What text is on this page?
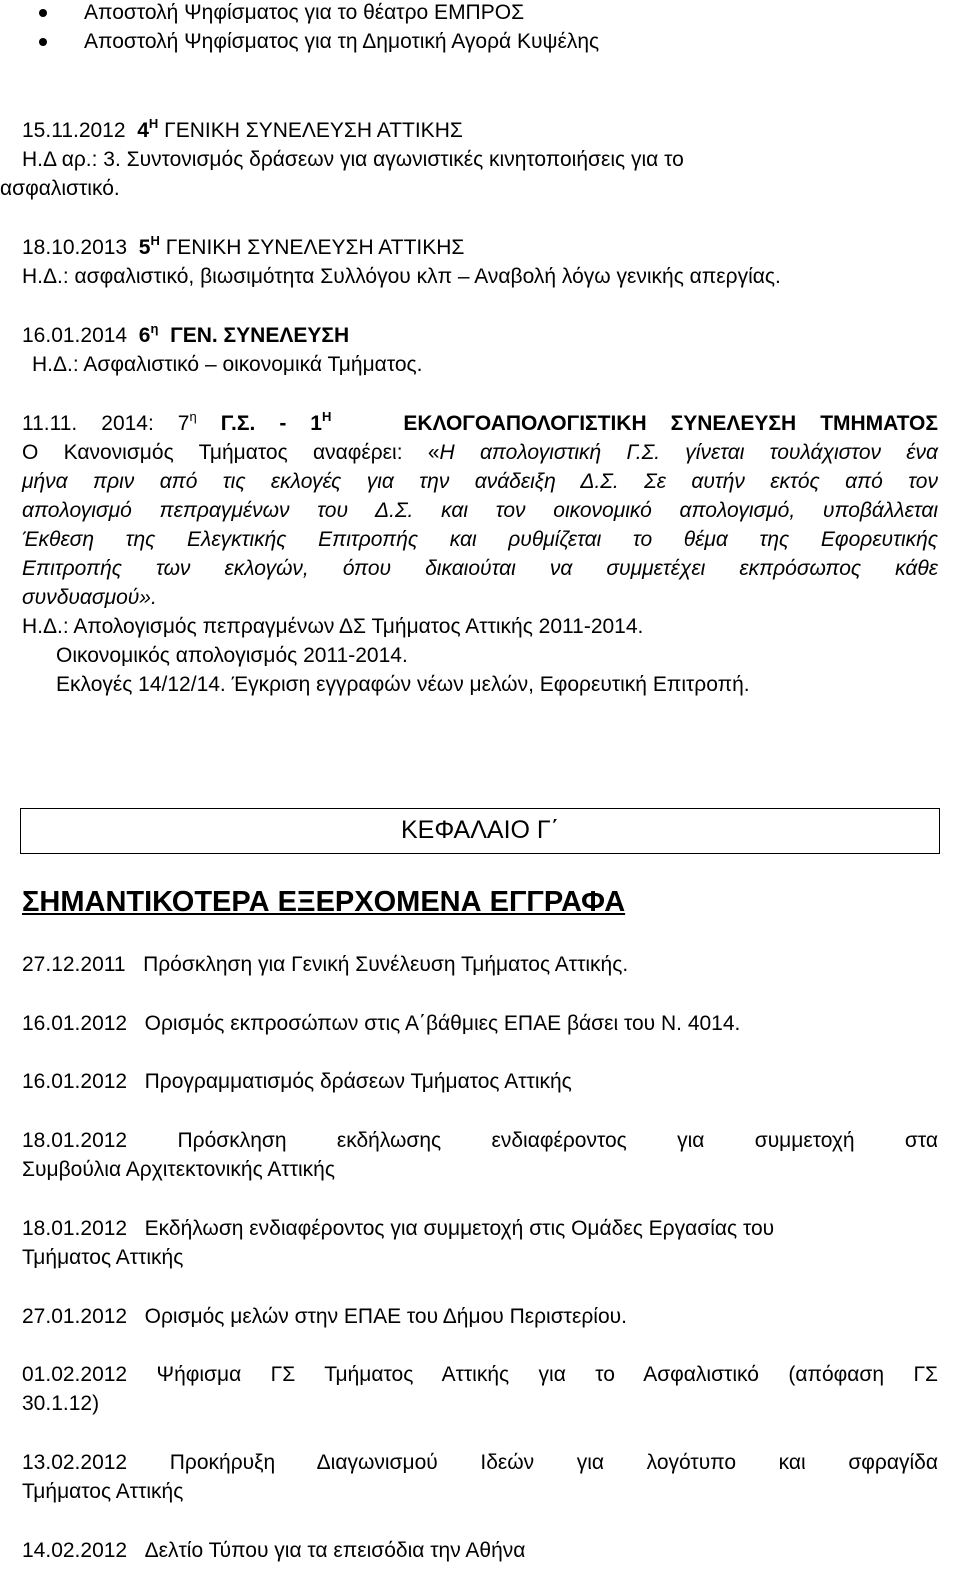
Αποστολή Ψηφίσματος για το θέατρο ΕΜΠΡΟΣ
Αποστολή Ψηφίσματος για τη Δημοτική Αγορά Κυψέλης
15.11.2012 $4^H$ ΓΕΝΙΚΗ ΣΥΝΕΛΕΥΣΗ ΑΤΤΙΚΗΣ
Η.Δ αρ.: 3. Συντονισμός δράσεων για αγωνιστικές κινητοποιήσεις για το
ασφαλιστικό.
18.10.2013 $5^H$ ΓΕΝΙΚΗ ΣΥΝΕΛΕΥΣΗ ΑΤΤΙΚΗΣ
Η.Δ.: ασφαλιστικό, βιωσιμότητα Συλλόγου κλπ – Αναβολή λόγω γενικής απεργίας.
16.01.2014 $6^\eta$ ΓΕΝ. ΣΥΝΕΛΕΥΣΗ
Η.Δ.: Ασφαλιστικό – οικονομικά Τμήματος.
11.11. 2014: $7^\eta$ Γ.Σ. - $1^H$	ΕΚΛΟΓΟΑΠΟΛΟΓΙΣΤΙΚΗ ΣΥΝΕΛΕΥΣΗ ΤΜΗΜΑΤΟΣ
Ο Κανονισμός Τμήματος αναφέρει: «Η απολογιστική Γ.Σ. γίνεται τουλάχιστον ένα
μήνα πριν από τις εκλογές για την ανάδειξη Δ.Σ. Σε αυτήν εκτός από τον
απολογισμό πεπραγμένων του Δ.Σ. και τον οικονομικό απολογισμό, υποβάλλεται
Έκθεση της Ελεγκτικής Επιτροπής και ρυθμίζεται το θέμα της Εφορευτικής
Επιτροπής των εκλογών, όπου δικαιούται να συμμετέχει εκπρόσωπος κάθε
συνδυασμού».
Η.Δ.: Απολογισμός πεπραγμένων ΔΣ Τμήματος Αττικής 2011-2014.
Οικονομικός απολογισμός 2011-2014.
Εκλογές 14/12/14. Έγκριση εγγραφών νέων μελών, Εφορευτική Επιτροπή.
ΚΕΦΑΛΑΙΟ Γ΄
ΣΗΜΑΝΤΙΚΟΤΕΡΑ ΕΞΕΡΧΟΜΕΝΑ ΕΓΓΡΑΦΑ
27.12.2011
Πρόσκληση για Γενική Συνέλευση Τμήματος Αττικής.
16.01.2012
Ορισμός εκπροσώπων στις Α΄βάθμιες ΕΠΑΕ βάσει του Ν. 4014.
16.01.2012
Προγραμματισμός δράσεων Τμήματος Αττικής
18.01.2012 Πρόσκληση εκδήλωσης ενδιαφέροντος για συμμετοχή στα
Συμβούλια Αρχιτεκτονικής Αττικής
18.01.2012
Εκδήλωση ενδιαφέροντος για συμμετοχή στις Ομάδες Εργασίας του
Τμήματος Αττικής
27.01.2012
Ορισμός μελών στην ΕΠΑΕ του Δήμου Περιστερίου.
01.02.2012 Ψήφισμα ΓΣ Τμήματος Αττικής για το Ασφαλιστικό (απόφαση ΓΣ
30.1.12)
13.02.2012 Προκήρυξη Διαγωνισμού Ιδεών για λογότυπο και σφραγίδα
Τμήματος Αττικής
14.02.2012
Δελτίο Τύπου για τα επεισόδια την Αθήνα
